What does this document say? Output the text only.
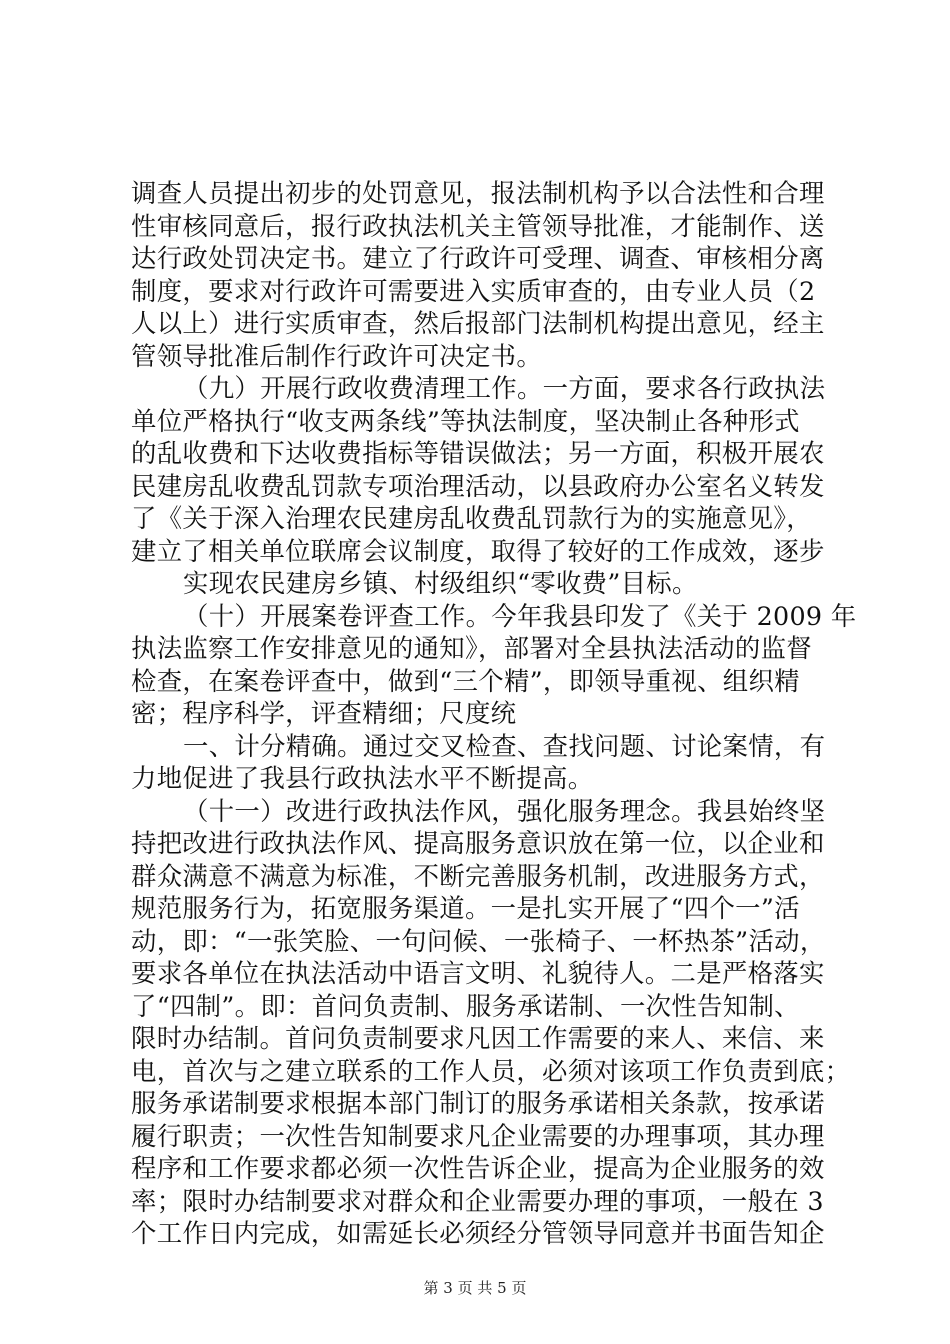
调查人员提出初步的处罚意见，报法制机构予以合法性和合理
性审核同意后，报行政执法机关主管领导批准，才能制作、送
达行政处罚决定书。建立了行政许可受理、调查、审核相分离
制度，要求对行政许可需要进入实质审查的，由专业人员（2
人以上）进行实质审查，然后报部门法制机构提出意见，经主
管领导批准后制作行政许可决定书。
（九）开展行政收费清理工作。一方面，要求各行政执法
单位严格执行“收支两条线”等执法制度，坚决制止各种形式
的乱收费和下达收费指标等错误做法；另一方面，积极开展农
民建房乱收费乱罚款专项治理活动，以县政府办公室名义转发
了《关于深入治理农民建房乱收费乱罚款行为的实施意见》，
建立了相关单位联席会议制度，取得了较好的工作成效，逐步
实现农民建房乡镇、村级组织“零收费”目标。
（十）开展案卷评查工作。今年我县印发了《关于 2009 年
执法监察工作安排意见的通知》，部署对全县执法活动的监督
检查，在案卷评查中，做到“三个精”，即领导重视、组织精
密；程序科学，评查精细；尺度统
一、计分精确。通过交叉检查、查找问题、讨论案情，有
力地促进了我县行政执法水平不断提高。
（十一）改进行政执法作风，强化服务理念。我县始终坚
持把改进行政执法作风、提高服务意识放在第一位，以企业和
群众满意不满意为标准，不断完善服务机制，改进服务方式，
规范服务行为，拓宽服务渠道。一是扎实开展了“四个一”活
动，即：“一张笑脸、一句问候、一张椅子、一杯热茶”活动，
要求各单位在执法活动中语言文明、礼貌待人。二是严格落实
了“四制”。即：首问负责制、服务承诺制、一次性告知制、
限时办结制。首问负责制要求凡因工作需要的来人、来信、来
电，首次与之建立联系的工作人员，必须对该项工作负责到底；
服务承诺制要求根据本部门制订的服务承诺相关条款，按承诺
履行职责；一次性告知制要求凡企业需要的办理事项，其办理
程序和工作要求都必须一次性告诉企业，提高为企业服务的效
率；限时办结制要求对群众和企业需要办理的事项，一般在 3
个工作日内完成，如需延长必须经分管领导同意并书面告知企
第 3 页 共 5 页
